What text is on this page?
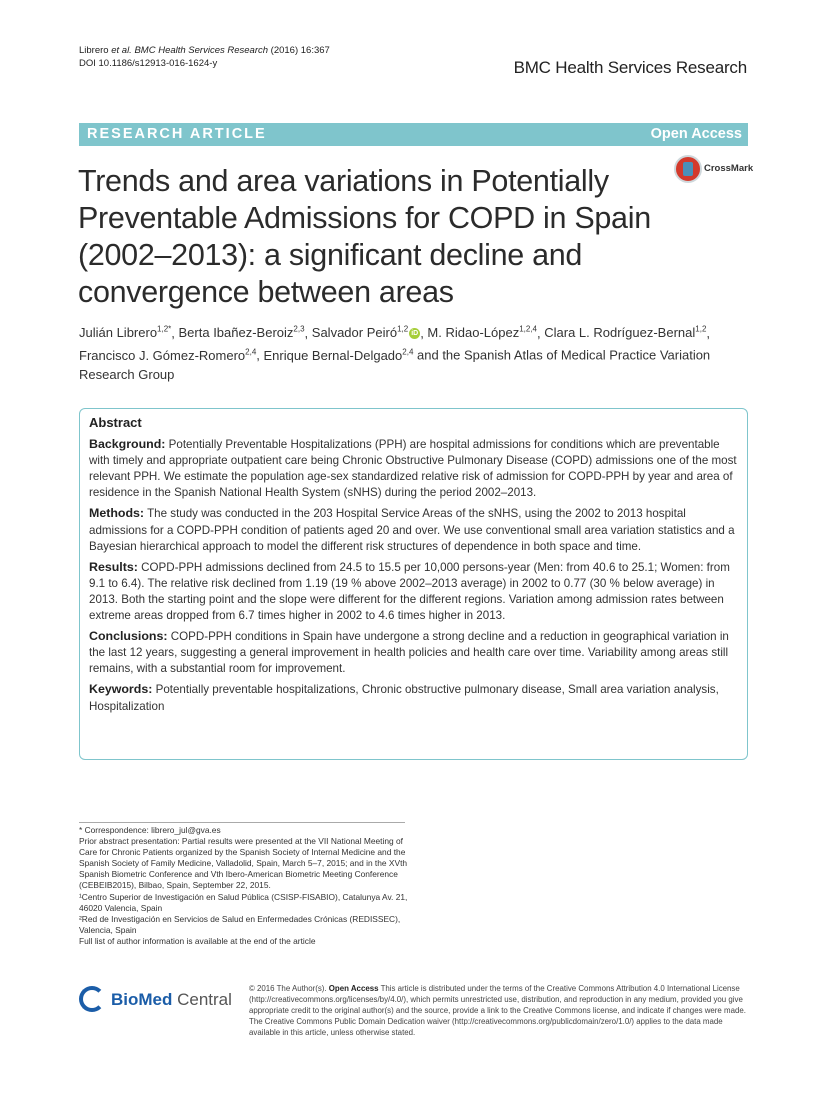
Librero et al. BMC Health Services Research (2016) 16:367
DOI 10.1186/s12913-016-1624-y	BMC Health Services Research
RESEARCH ARTICLE	Open Access
CrossMark
Trends and area variations in Potentially Preventable Admissions for COPD in Spain (2002–2013): a significant decline and convergence between areas
Julián Librero$^{1,2*}$, Berta Ibañez-Beroiz$^{2,3}$, Salvador Peiró$^{1,2}$ iD , M. Ridao-López$^{1,2,4}$, Clara L. Rodríguez-Bernal$^{1,2}$, Francisco J. Gómez-Romero$^{2,4}$, Enrique Bernal-Delgado$^{2,4}$ and the Spanish Atlas of Medical Practice Variation Research Group
Abstract

Background: Potentially Preventable Hospitalizations (PPH) are hospital admissions for conditions which are preventable with timely and appropriate outpatient care being Chronic Obstructive Pulmonary Disease (COPD) admissions one of the most relevant PPH. We estimate the population age-sex standardized relative risk of admission for COPD-PPH by year and area of residence in the Spanish National Health System (sNHS) during the period 2002–2013.

Methods: The study was conducted in the 203 Hospital Service Areas of the sNHS, using the 2002 to 2013 hospital admissions for a COPD-PPH condition of patients aged 20 and over. We use conventional small area variation statistics and a Bayesian hierarchical approach to model the different risk structures of dependence in both space and time.

Results: COPD-PPH admissions declined from 24.5 to 15.5 per 10,000 persons-year (Men: from 40.6 to 25.1; Women: from 9.1 to 6.4). The relative risk declined from 1.19 (19 % above 2002–2013 average) in 2002 to 0.77 (30 % below average) in 2013. Both the starting point and the slope were different for the different regions. Variation among admission rates between extreme areas dropped from 6.7 times higher in 2002 to 4.6 times higher in 2013.

Conclusions: COPD-PPH conditions in Spain have undergone a strong decline and a reduction in geographical variation in the last 12 years, suggesting a general improvement in health policies and health care over time. Variability among areas still remains, with a substantial room for improvement.

Keywords: Potentially preventable hospitalizations, Chronic obstructive pulmonary disease, Small area variation analysis, Hospitalization

* Correspondence: librero_jul@gva.es

Prior abstract presentation: Partial results were presented at the VII National Meeting of Care for Chronic Patients organized by the Spanish Society of Internal Medicine and the Spanish Society of Family Medicine, Valladolid, Spain, March 5–7, 2015; and in the XVth Spanish Biometric Conference and Vth Ibero-American Biometric Meeting Conference (CEBEIB2015), Bilbao, Spain, September 22, 2015.

¹Centro Superior de Investigación en Salud Pública (CSISP-FISABIO), Catalunya Av. 21, 46020 Valencia, Spain

²Red de Investigación en Servicios de Salud en Enfermedades Crónicas (REDISSEC), Valencia, Spain

Full list of author information is available at the end of the article

BioMed Central
© 2016 The Author(s). Open Access This article is distributed under the terms of the Creative Commons Attribution 4.0 International License (http://creativecommons.org/licenses/by/4.0/), which permits unrestricted use, distribution, and reproduction in any medium, provided you give appropriate credit to the original author(s) and the source, provide a link to the Creative Commons license, and indicate if changes were made. The Creative Commons Public Domain Dedication waiver (http://creativecommons.org/publicdomain/zero/1.0/) applies to the data made available in this article, unless otherwise stated.
